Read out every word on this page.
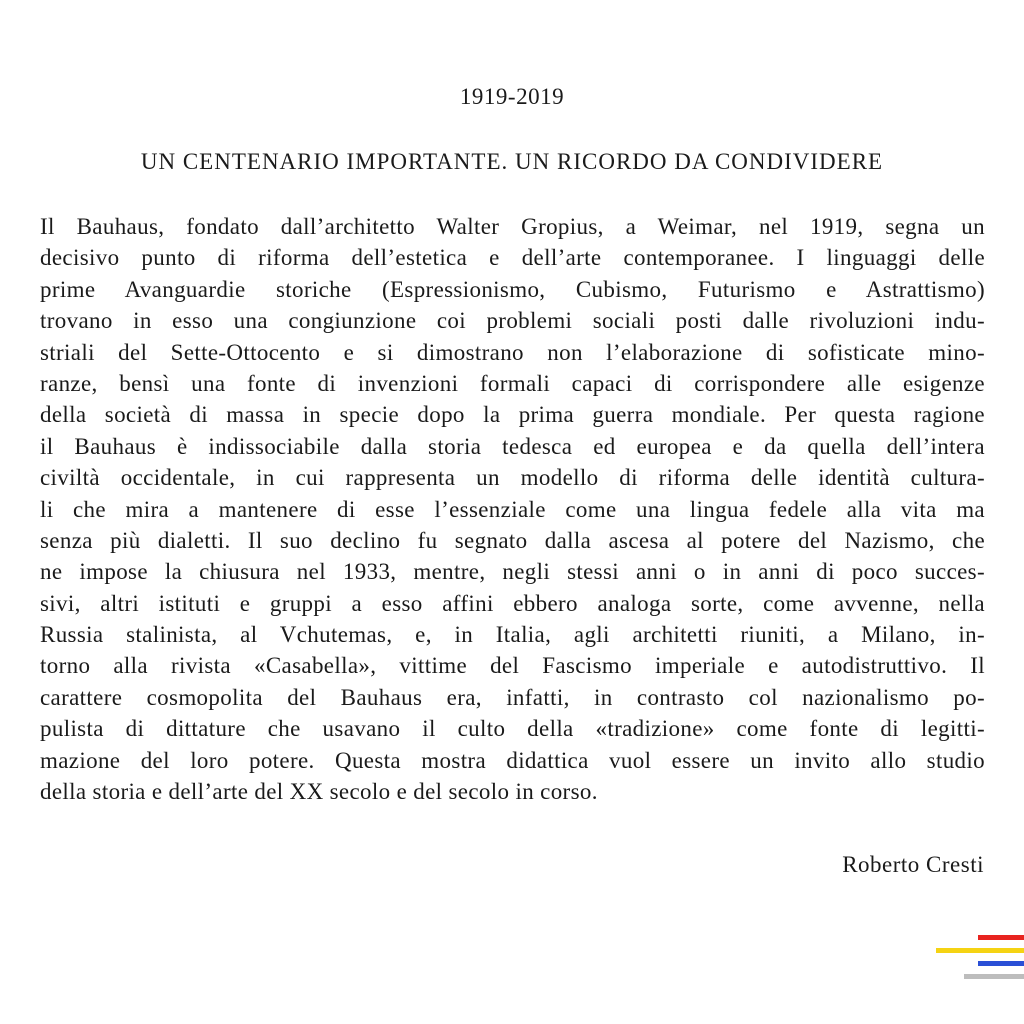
1919-2019
UN CENTENARIO IMPORTANTE. UN RICORDO DA CONDIVIDERE
Il Bauhaus, fondato dall’architetto Walter Gropius, a Weimar, nel 1919, segna un
decisivo punto di riforma dell’estetica e dell’arte contemporanee. I linguaggi delle
prime Avanguardie storiche (Espressionismo, Cubismo, Futurismo e Astrattismo)
trovano in esso una congiunzione coi problemi sociali posti dalle rivoluzioni indu-
striali del Sette-Ottocento e si dimostrano non l’elaborazione di sofisticate mino-
ranze, bensì una fonte di invenzioni formali capaci di corrispondere alle esigenze
della società di massa in specie dopo la prima guerra mondiale. Per questa ragione
il Bauhaus è indissociabile dalla storia tedesca ed europea e da quella dell’intera
civiltà occidentale, in cui rappresenta un modello di riforma delle identità cultura-
li che mira a mantenere di esse l’essenziale come una lingua fedele alla vita ma
senza più dialetti. Il suo declino fu segnato dalla ascesa al potere del Nazismo, che
ne impose la chiusura nel 1933, mentre, negli stessi anni o in anni di poco succes-
sivi, altri istituti e gruppi a esso affini ebbero analoga sorte, come avvenne, nella
Russia stalinista, al Vchutemas, e, in Italia, agli architetti riuniti, a Milano, in-
torno alla rivista «Casabella», vittime del Fascismo imperiale e autodistruttivo. Il
carattere cosmopolita del Bauhaus era, infatti, in contrasto col nazionalismo po-
pulista di dittature che usavano il culto della «tradizione» come fonte di legitti-
mazione del loro potere. Questa mostra didattica vuol essere un invito allo studio
della storia e dell’arte del XX secolo e del secolo in corso.
Roberto Cresti
